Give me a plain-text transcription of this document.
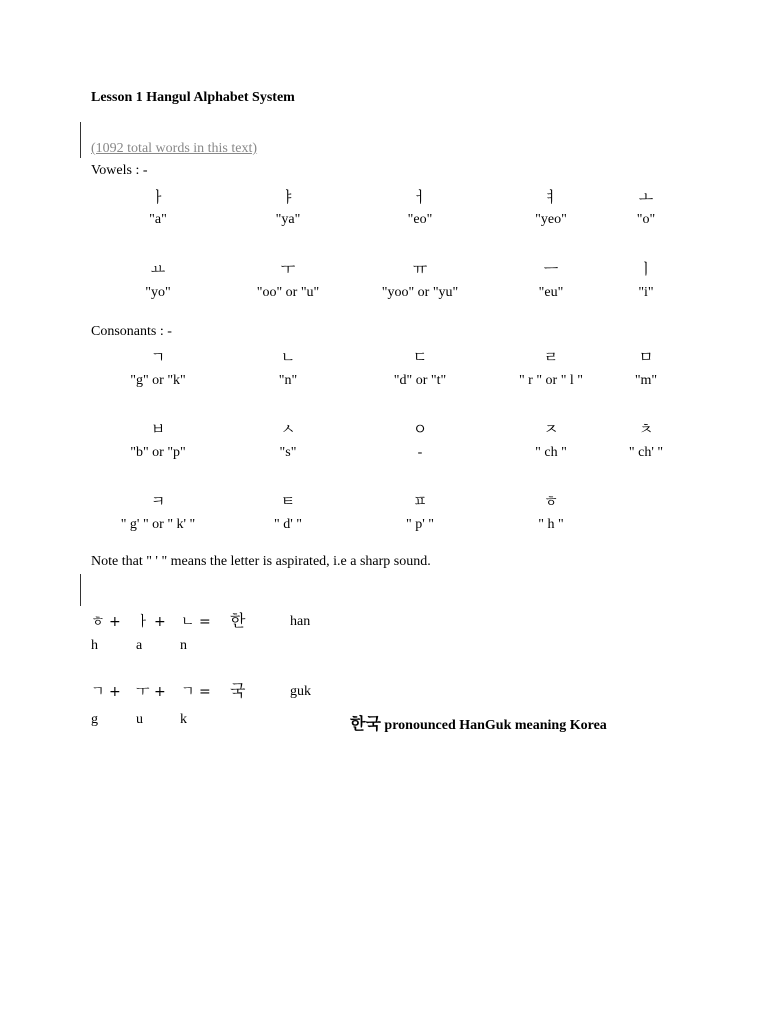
Lesson 1 Hangul Alphabet System
(1092 total words in this text)
Vowels : -
ㅏ	ㅑ	ㅓ	ㅕ	ㅗ
"a"	"ya"	"eo"	"yeo"	"o"
ㅛ	ㅜ	ㅠ	ㅡ	ㅣ
"yo"	"oo" or "u"	"yoo" or "yu"	"eu"	"i"
Consonants : -
ㄱ	ㄴ	ㄷ	ㄹ	ㅁ
"g" or "k"	"n"	"d" or "t"	" r " or " l "	"m"
ㅂ	ㅅ	ㅇ	ㅈ	ㅊ
"b" or "p"	"s"	-	" ch "	" ch' "
ㅋ	ㅌ	ㅍ	ㅎ
" g' " or " k' "	" d' "	" p' "	" h "
Note that " ' " means the letter is aspirated, i.e a sharp sound.
ㅎ + ㅏ + ㄴ = 한	han
h	a	n
ㄱ + ㅜ + ㄱ = 국	guk
g	u	k	한국 pronounced HanGuk meaning Korea
